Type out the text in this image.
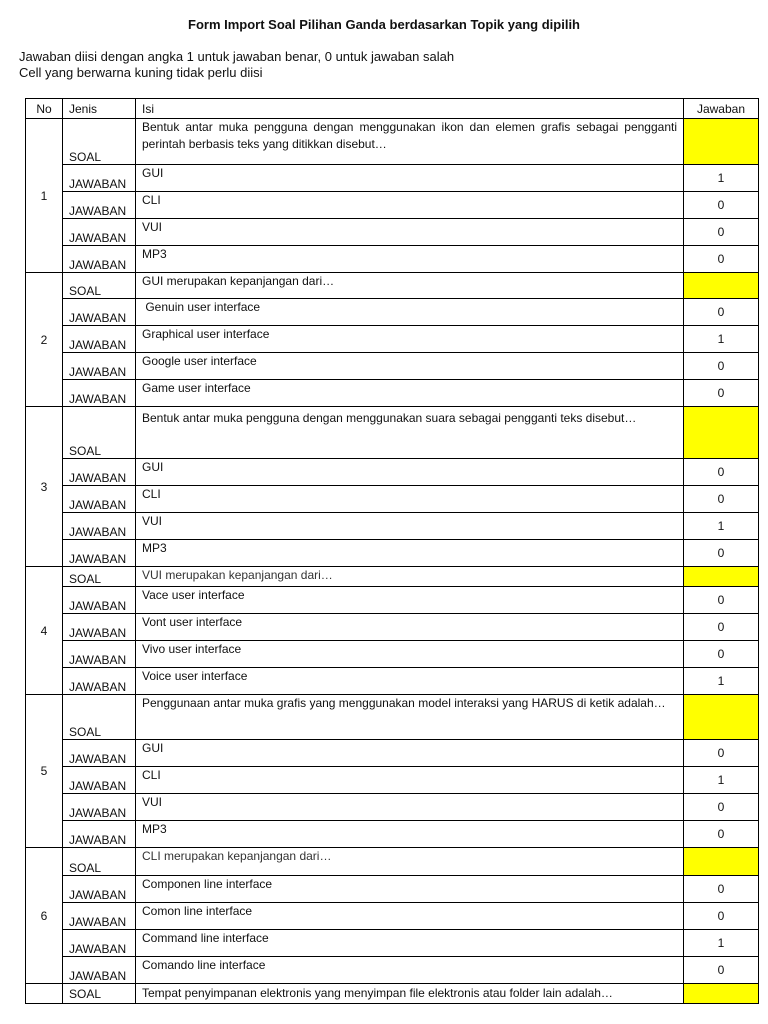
Form Import Soal Pilihan Ganda berdasarkan Topik yang dipilih
Jawaban diisi dengan angka 1 untuk jawaban benar, 0 untuk jawaban salah
Cell yang berwarna kuning tidak perlu diisi
No	Jenis	Isi	Jawaban
1	SOAL	Bentuk antar muka pengguna dengan menggunakan ikon dan elemen grafis sebagai pengganti perintah berbasis teks yang ditikkan disebut…	
	JAWABAN	GUI	1
	JAWABAN	CLI	0
	JAWABAN	VUI	0
	JAWABAN	MP3	0
2	SOAL	GUI merupakan kepanjangan dari…	
	JAWABAN	Genuin user interface	0
	JAWABAN	Graphical user interface	1
	JAWABAN	Google user interface	0
	JAWABAN	Game user interface	0
3	SOAL	Bentuk antar muka pengguna dengan menggunakan suara sebagai pengganti teks disebut…	
	JAWABAN	GUI	0
	JAWABAN	CLI	0
	JAWABAN	VUI	1
	JAWABAN	MP3	0
4	SOAL	VUI merupakan kepanjangan dari…	
	JAWABAN	Vace user interface	0
	JAWABAN	Vont user interface	0
	JAWABAN	Vivo user interface	0
	JAWABAN	Voice user interface	1
5	SOAL	Penggunaan antar muka grafis yang menggunakan model interaksi yang HARUS di ketik adalah…	
	JAWABAN	GUI	0
	JAWABAN	CLI	1
	JAWABAN	VUI	0
	JAWABAN	MP3	0
6	SOAL	CLI merupakan kepanjangan dari…	
	JAWABAN	Componen line interface	0
	JAWABAN	Comon line interface	0
	JAWABAN	Command line interface	1
	JAWABAN	Comando line interface	0
	SOAL	Tempat penyimpanan elektronis yang menyimpan file elektronis atau folder lain adalah…	
